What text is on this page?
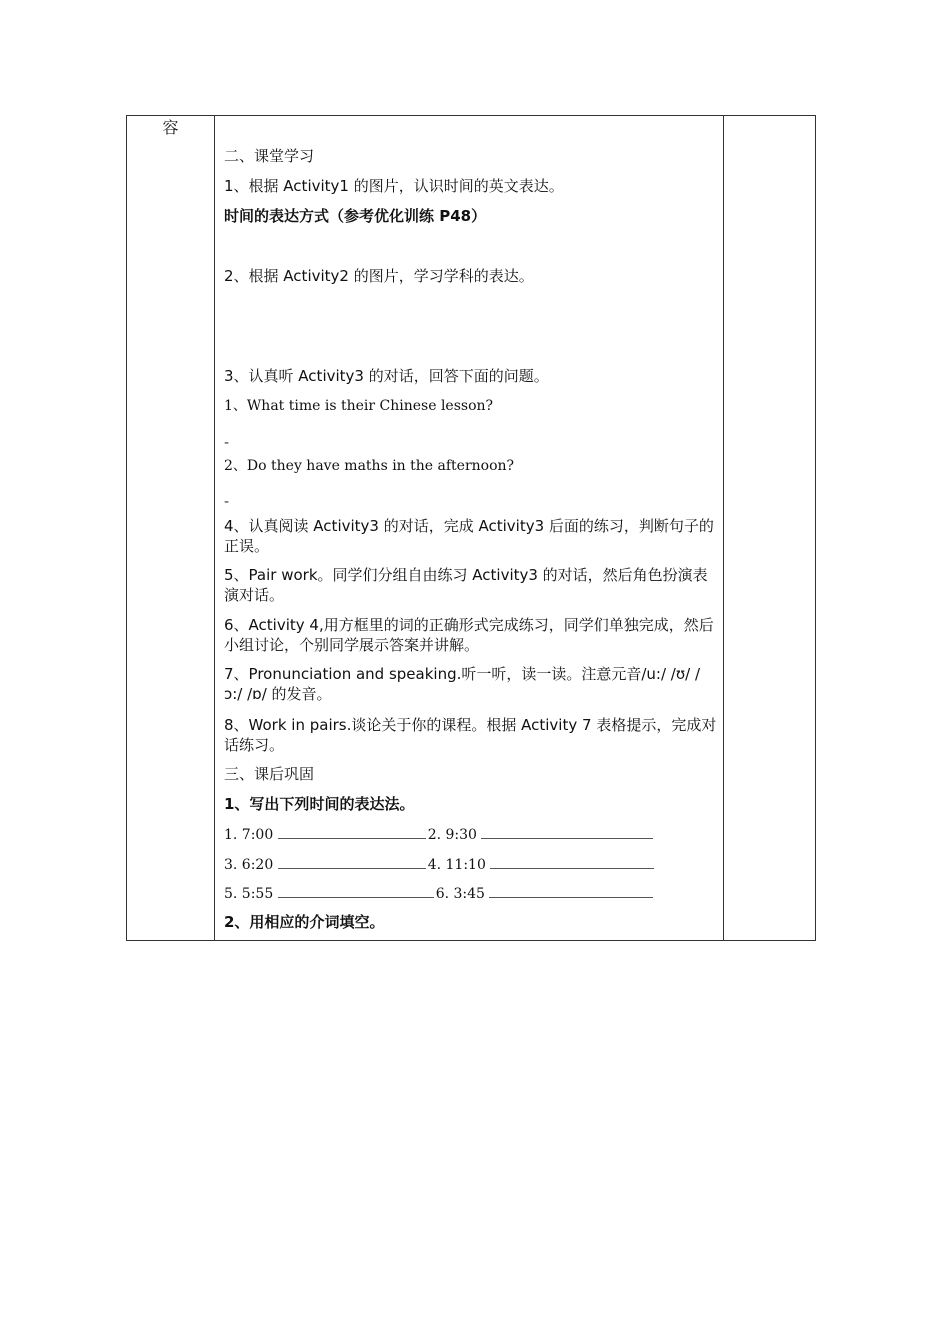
容
二、课堂学习
1、根据 Activity1 的图片，认识时间的英文表达。
时间的表达方式（参考优化训练 P48）
2、根据 Activity2 的图片，学习学科的表达。
3、认真听 Activity3 的对话，回答下面的问题。
1、What time is their Chinese lesson?
-
2、Do they have maths in the afternoon?
-
4、认真阅读 Activity3 的对话，完成 Activity3 后面的练习，判断句子的正误。
5、Pair work。同学们分组自由练习 Activity3 的对话，然后角色扮演表演对话。
6、Activity 4,用方框里的词的正确形式完成练习，同学们单独完成，然后小组讨论，个别同学展示答案并讲解。
7、Pronunciation and speaking.听一听，读一读。注意元音/u:/ /ʊ/ /ɔ:/ /ɒ/ 的发音。
8、Work in pairs.谈论关于你的课程。根据 Activity 7 表格提示，完成对话练习。
三、课后巩固
1、写出下列时间的表达法。
1. 7:00	2. 9:30
3. 6:20	4. 11:10
5. 5:55	6. 3:45
2、用相应的介词填空。
